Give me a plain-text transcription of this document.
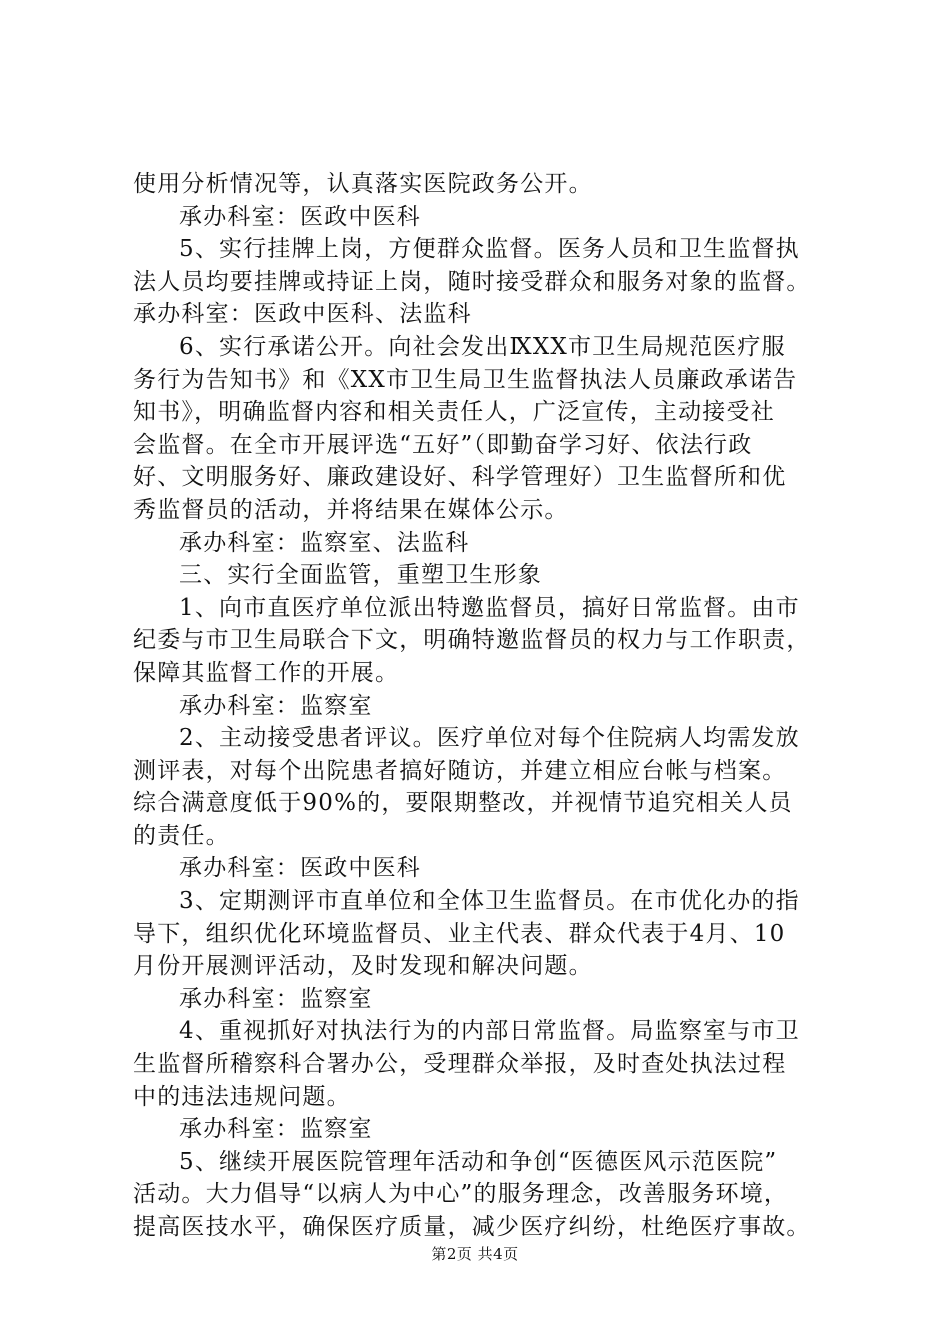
使用分析情况等，认真落实医院政务公开。
承办科室：医政中医科
5、实行挂牌上岗，方便群众监督。医务人员和卫生监督执
法人员均要挂牌或持证上岗，随时接受群众和服务对象的监督。
承办科室：医政中医科、法监科
6、实行承诺公开。向社会发出ⅨXX市卫生局规范医疗服
务行为告知书》和《XX市卫生局卫生监督执法人员廉政承诺告
知书》，明确监督内容和相关责任人，广泛宣传，主动接受社
会监督。在全市开展评选“五好”（即勤奋学习好、依法行政
好、文明服务好、廉政建设好、科学管理好）卫生监督所和优
秀监督员的活动，并将结果在媒体公示。
承办科室：监察室、法监科
三、实行全面监管，重塑卫生形象
1、向市直医疗单位派出特邀监督员，搞好日常监督。由市
纪委与市卫生局联合下文，明确特邀监督员的权力与工作职责，
保障其监督工作的开展。
承办科室：监察室
2、主动接受患者评议。医疗单位对每个住院病人均需发放
测评表，对每个出院患者搞好随访，并建立相应台帐与档案。
综合满意度低于90%的，要限期整改，并视情节追究相关人员
的责任。
承办科室：医政中医科
3、定期测评市直单位和全体卫生监督员。在市优化办的指
导下，组织优化环境监督员、业主代表、群众代表于4月、10
月份开展测评活动，及时发现和解决问题。
承办科室：监察室
4、重视抓好对执法行为的内部日常监督。局监察室与市卫
生监督所稽察科合署办公，受理群众举报，及时查处执法过程
中的违法违规问题。
承办科室：监察室
5、继续开展医院管理年活动和争创“医德医风示范医院”
活动。大力倡导“以病人为中心”的服务理念，改善服务环境，
提高医技水平，确保医疗质量，减少医疗纠纷，杜绝医疗事故。
第2页 共4页
